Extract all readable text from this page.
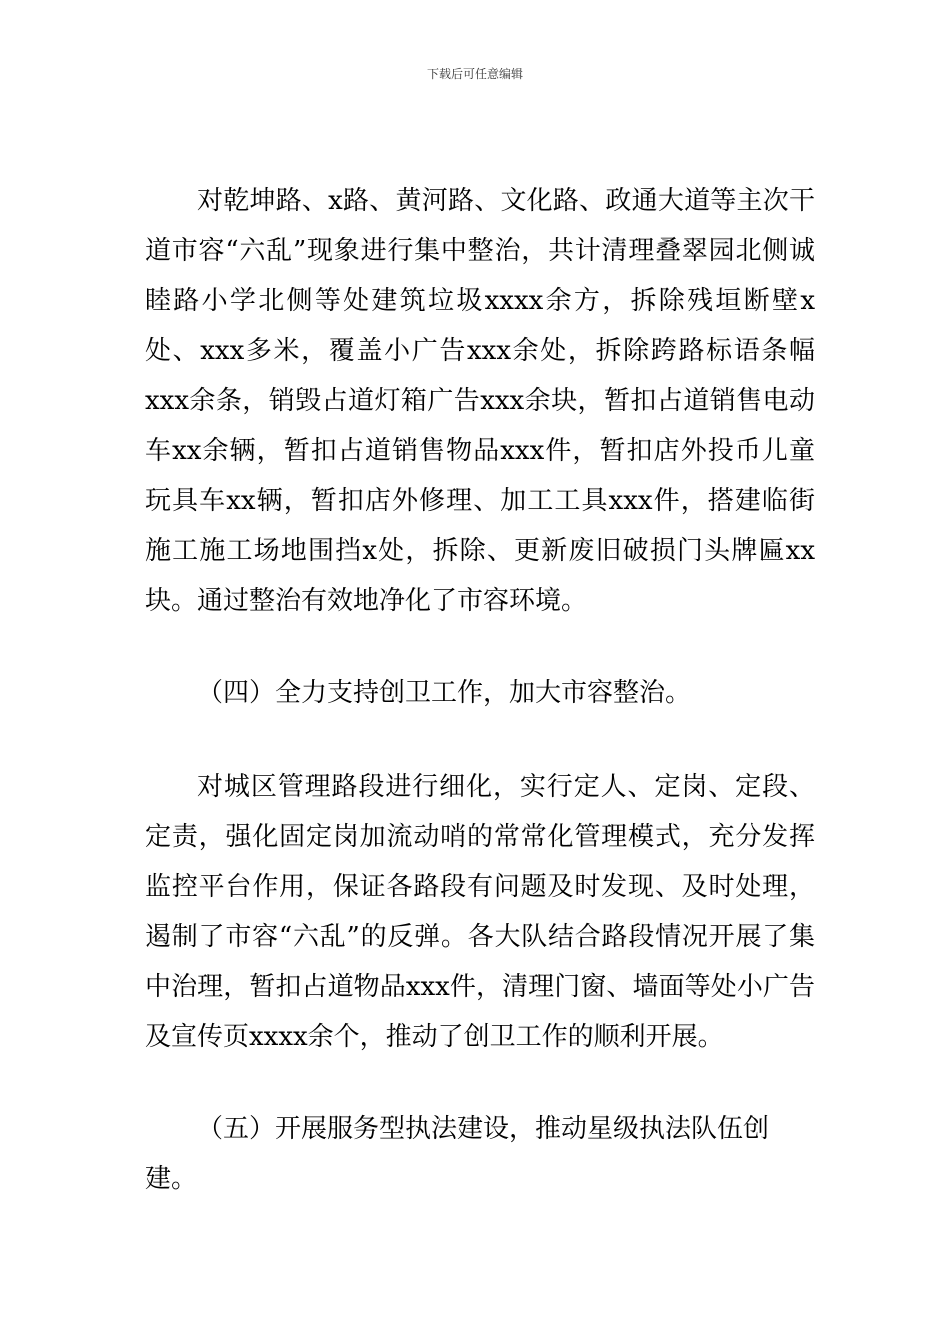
下载后可任意编辑

对乾坤路、x路、黄河路、文化路、政通大道等主次干道市容“六乱”现象进行集中整治，共计清理叠翠园北侧诚睦路小学北侧等处建筑垃圾xxxx余方，拆除残垣断壁x处、xxx多米，覆盖小广告xxx余处，拆除跨路标语条幅xxx余条，销毁占道灯箱广告xxx余块，暂扣占道销售电动车xx余辆，暂扣占道销售物品xxx件，暂扣店外投币儿童玩具车xx辆，暂扣店外修理、加工工具xxx件，搭建临街施工施工场地围挡x处，拆除、更新废旧破损门头牌匾xx块。通过整治有效地净化了市容环境。

（四）全力支持创卫工作，加大市容整治。

对城区管理路段进行细化，实行定人、定岗、定段、定责，强化固定岗加流动哨的常常化管理模式，充分发挥监控平台作用，保证各路段有问题及时发现、及时处理，遏制了市容“六乱”的反弹。各大队结合路段情况开展了集中治理，暂扣占道物品xxx件，清理门窗、墙面等处小广告及宣传页xxxx余个，推动了创卫工作的顺利开展。

（五）开展服务型执法建设，推动星级执法队伍创建。
